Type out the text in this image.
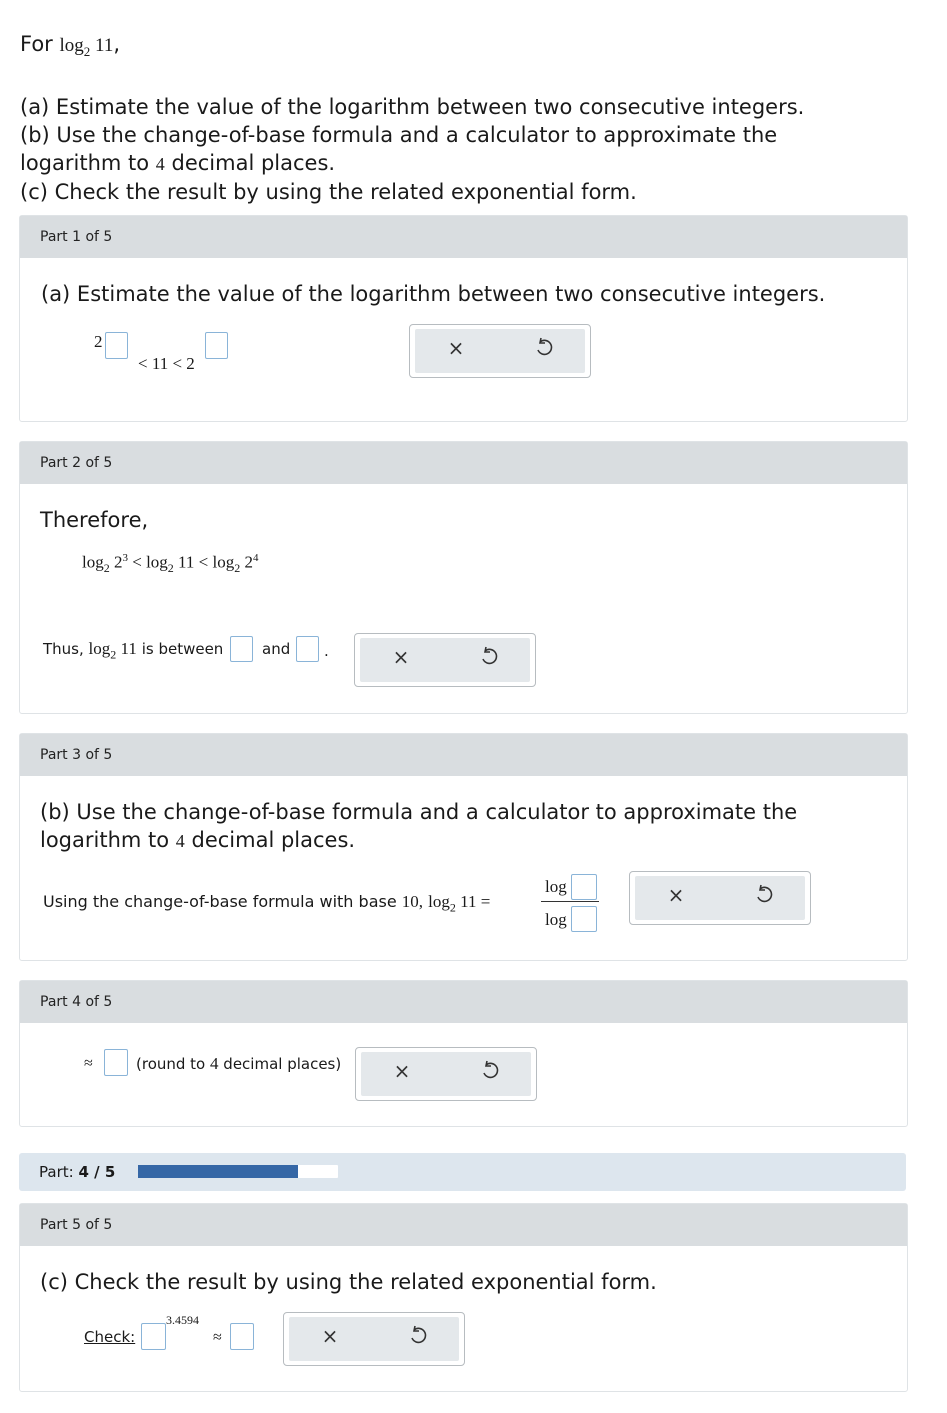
For $\log_2 11$,
(a) Estimate the value of the logarithm between two consecutive integers.
(b) Use the change-of-base formula and a calculator to approximate the
logarithm to 4 decimal places.
(c) Check the result by using the related exponential form.
Part 1 of 5
(a) Estimate the value of the logarithm between two consecutive integers.
2
< 11 < 2
×
Part 2 of 5
Therefore,
$\log_2 2^3 < \log_2 11 < \log_2 2^4$
Thus, $\log_2 11$ is between	and .	×
Part 3 of 5
(b) Use the change-of-base formula and a calculator to approximate the
logarithm to 4 decimal places.
Using the change-of-base formula with base 10, $\log_2 11$ =
log
log
×
Part 4 of 5
≈	(round to 4 decimal places)	×
Part: 4 / 5
Part 5 of 5
(c) Check the result by using the related exponential form.
Check:
3.4594
≈	×
